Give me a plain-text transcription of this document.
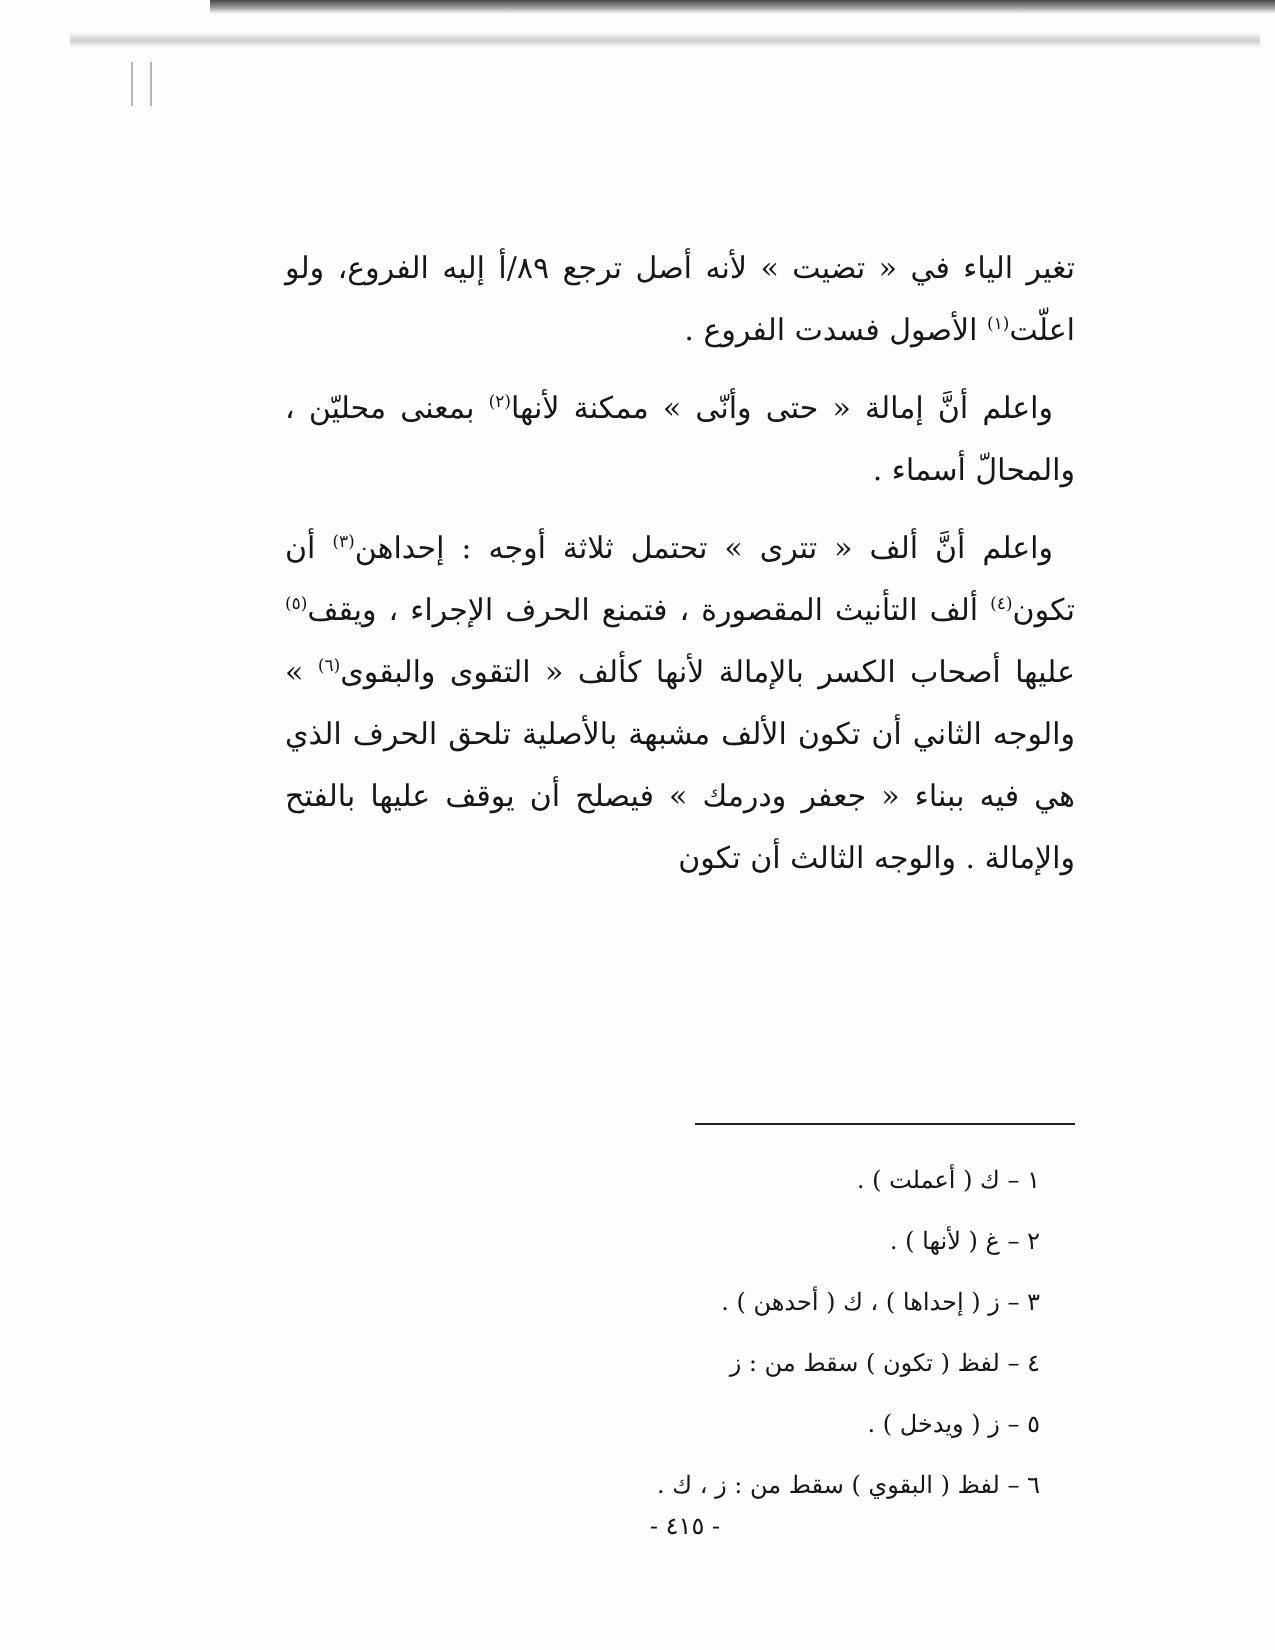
تغير الياء في « تضيت » لأنه أصل ترجع ٨٩/أ إليه الفروع، ولو اعلّت$^{(١)}$ الأصول فسدت الفروع .

واعلم أنَّ إمالة « حتى وأنّى » ممكنة لأنها$^{(٢)}$ بمعنى محليّن ، والمحالّ أسماء .

واعلم أنَّ ألف « تترى » تحتمل ثلاثة أوجه : إحداهن$^{(٣)}$ أن تكون$^{(٤)}$ ألف التأنيث المقصورة ، فتمنع الحرف الإجراء ، ويقف$^{(٥)}$ عليها أصحاب الكسر بالإمالة لأنها كألف « التقوى والبقوى$^{(٦)}$ » والوجه الثاني أن تكون الألف مشبهة بالأصلية تلحق الحرف الذي هي فيه ببناء « جعفر ودرمك » فيصلح أن يوقف عليها بالفتح والإمالة . والوجه الثالث أن تكون

١ – ك ( أعملت ) .
٢ – غ ( لأنها ) .
٣ – ز ( إحداها ) ، ك ( أحدهن ) .
٤ – لفظ ( تكون ) سقط من : ز
٥ – ز ( ويدخل ) .
٦ – لفظ ( البقوي ) سقط من : ز ، ك .
- ٤١٥ -
